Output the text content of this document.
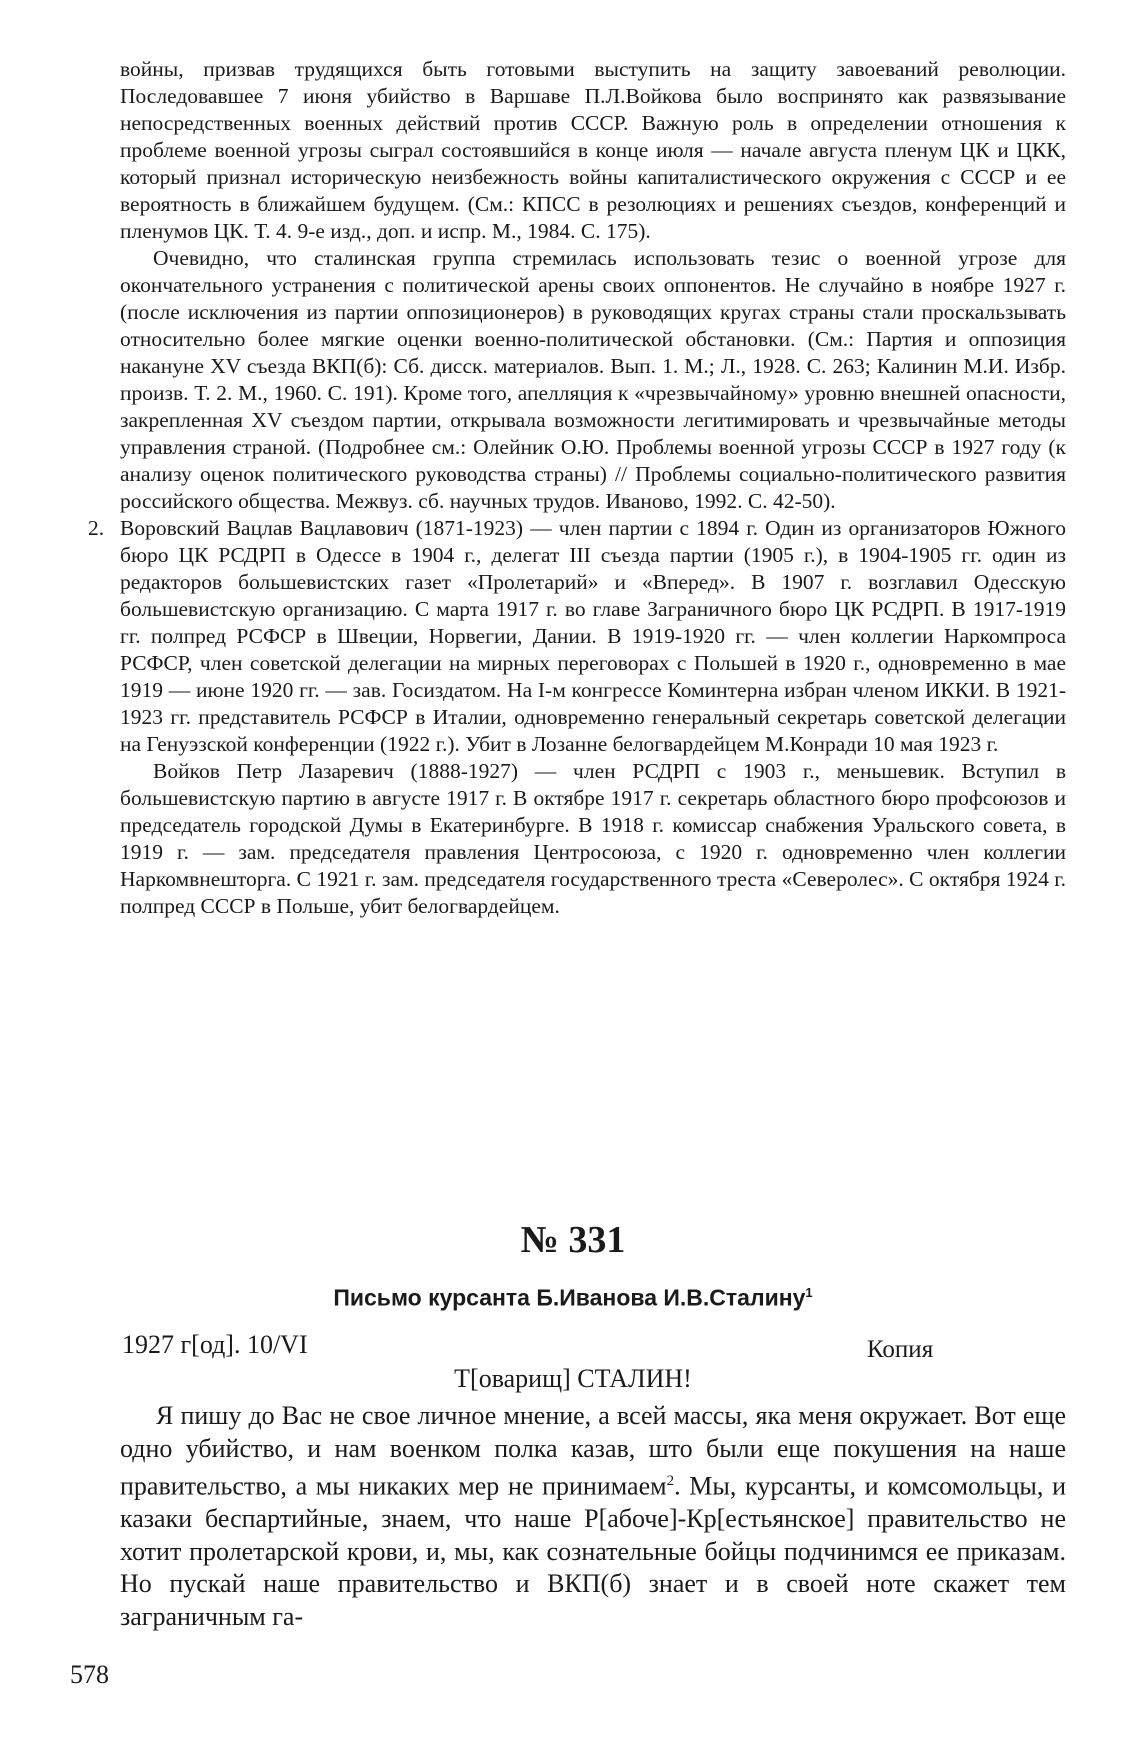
войны, призвав трудящихся быть готовыми выступить на защиту завоеваний революции. Последовавшее 7 июня убийство в Варшаве П.Л.Войкова было воспринято как развязывание непосредственных военных действий против СССР. Важную роль в определении отношения к проблеме военной угрозы сыграл состоявшийся в конце июля — начале августа пленум ЦК и ЦКК, который признал историческую неизбежность войны капиталистического окружения с СССР и ее вероятность в ближайшем будущем. (См.: КПСС в резолюциях и решениях съездов, конференций и пленумов ЦК. Т. 4. 9-е изд., доп. и испр. М., 1984. С. 175).

Очевидно, что сталинская группа стремилась использовать тезис о военной угрозе для окончательного устранения с политической арены своих оппонентов. Не случайно в ноябре 1927 г. (после исключения из партии оппозиционеров) в руководящих кругах страны стали проскальзывать относительно более мягкие оценки военно-политической обстановки. (См.: Партия и оппозиция накануне XV съезда ВКП(б): Сб. дисск. материалов. Вып. 1. М.; Л., 1928. С. 263; Калинин М.И. Избр. произв. Т. 2. М., 1960. С. 191). Кроме того, апелляция к «чрезвычайному» уровню внешней опасности, закрепленная XV съездом партии, открывала возможности легитимировать и чрезвычайные методы управления страной. (Подробнее см.: Олейник О.Ю. Проблемы военной угрозы СССР в 1927 году (к анализу оценок политического руководства страны) // Проблемы социально-политического развития российского общества. Межвуз. сб. научных трудов. Иваново, 1992. С. 42-50).

2. Воровский Вацлав Вацлавович (1871-1923) — член партии с 1894 г. Один из организаторов Южного бюро ЦК РСДРП в Одессе в 1904 г., делегат III съезда партии (1905 г.), в 1904-1905 гг. один из редакторов большевистских газет «Пролетарий» и «Вперед». В 1907 г. возглавил Одесскую большевистскую организацию. С марта 1917 г. во главе Заграничного бюро ЦК РСДРП. В 1917-1919 гг. полпред РСФСР в Швеции, Норвегии, Дании. В 1919-1920 гг. — член коллегии Наркомпроса РСФСР, член советской делегации на мирных переговорах с Польшей в 1920 г., одновременно в мае 1919 — июне 1920 гг. — зав. Госиздатом. На I-м конгрессе Коминтерна избран членом ИККИ. В 1921-1923 гг. представитель РСФСР в Италии, одновременно генеральный секретарь советской делегации на Генуэзской конференции (1922 г.). Убит в Лозанне белогвардейцем М.Конради 10 мая 1923 г.

Войков Петр Лазаревич (1888-1927) — член РСДРП с 1903 г., меньшевик. Вступил в большевистскую партию в августе 1917 г. В октябре 1917 г. секретарь областного бюро профсоюзов и председатель городской Думы в Екатеринбурге. В 1918 г. комиссар снабжения Уральского совета, в 1919 г. — зам. председателя правления Центросоюза, с 1920 г. одновременно член коллегии Наркомвнешторга. С 1921 г. зам. председателя государственного треста «Северолес». С октября 1924 г. полпред СССР в Польше, убит белогвардейцем.

№ 331
Письмо курсанта Б.Иванова И.В.Сталину$^1$
1927 г[од]. 10/VI	Копия
Т[оварищ] СТАЛИН!

Я пишу до Вас не свое личное мнение, а всей массы, яка меня окружает. Вот еще одно убийство, и нам военком полка казав, што были еще покушения на наше правительство, а мы никаких мер не принимаем$^2$. Мы, курсанты, и комсомольцы, и казаки беспартийные, знаем, что наше Р[абоче]-Кр[естьянское] правительство не хотит пролетарской крови, и, мы, как сознательные бойцы подчинимся ее приказам. Но пускай наше правительство и ВКП(б) знает и в своей ноте скажет тем заграничным га-

578
